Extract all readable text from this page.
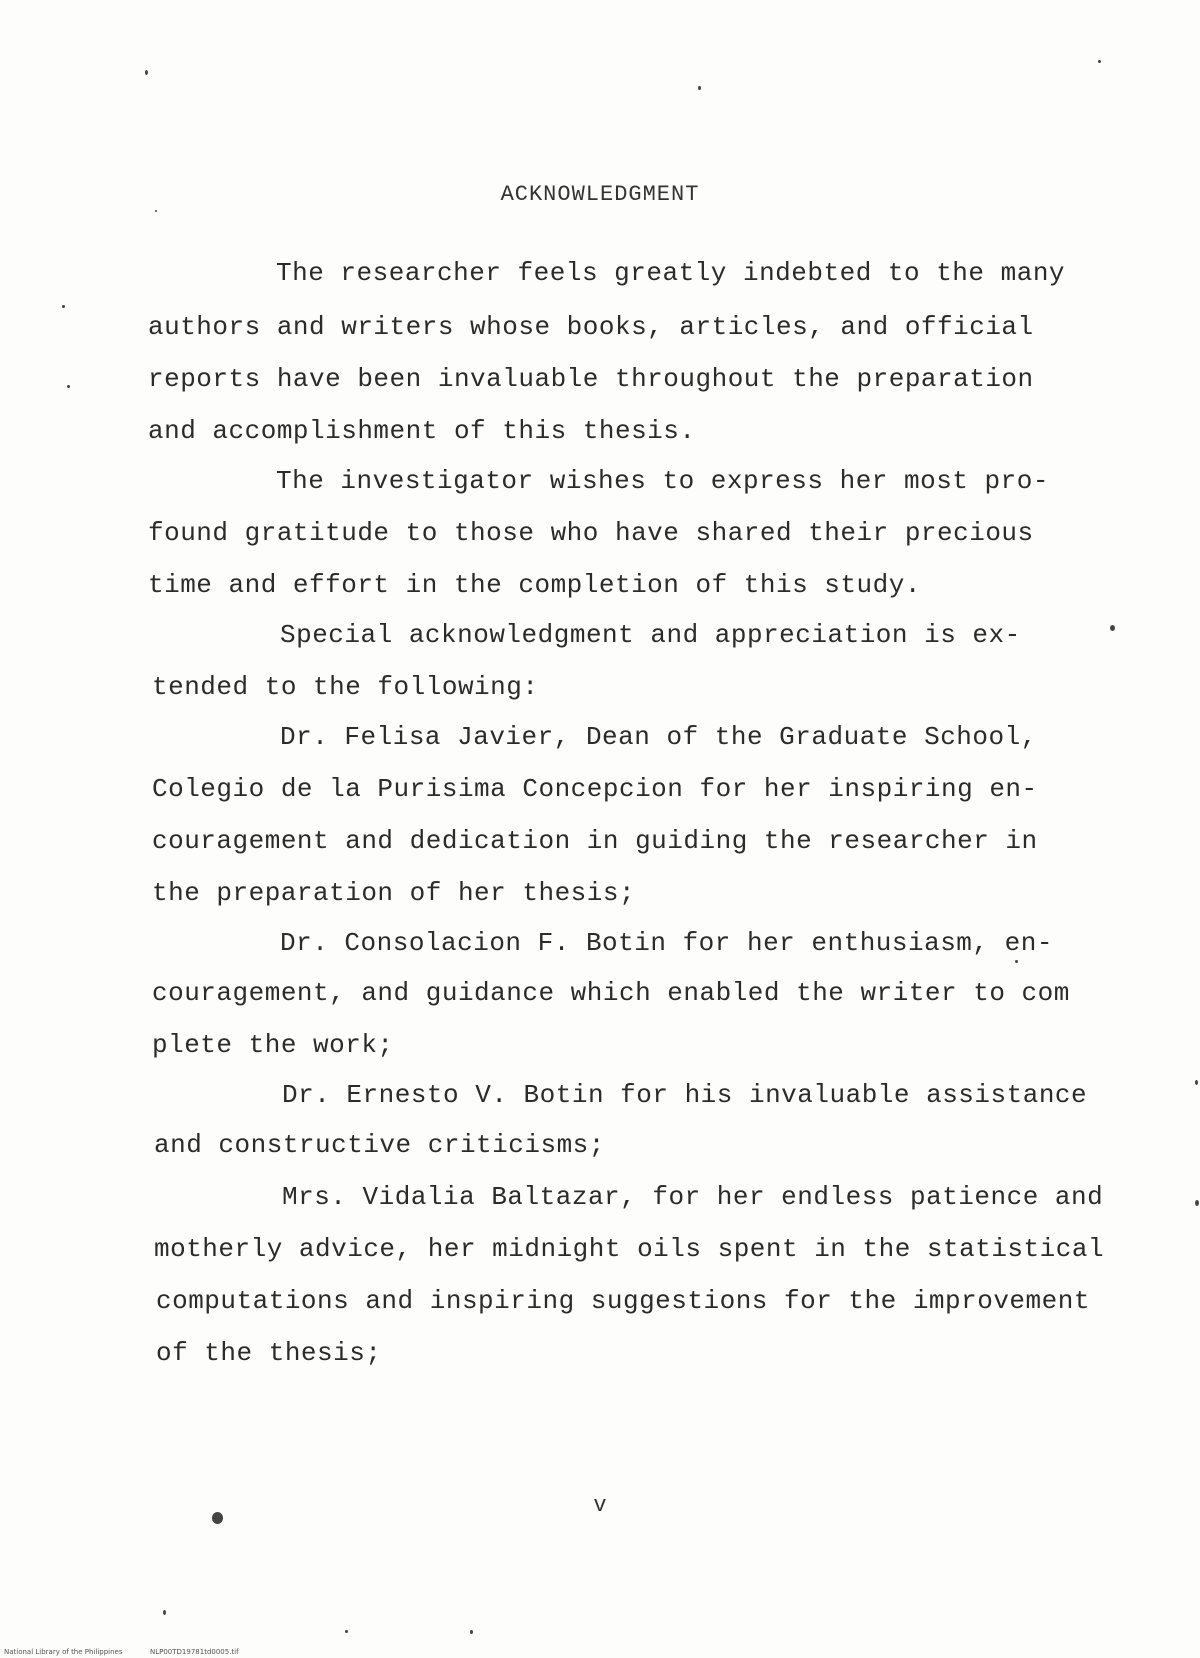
ACKNOWLEDGMENT
The researcher feels greatly indebted to the many
authors and writers whose books, articles, and official
reports have been invaluable throughout the preparation
and accomplishment of this thesis.
The investigator wishes to express her most pro-
found gratitude to those who have shared their precious
time and effort in the completion of this study.
Special acknowledgment and appreciation is ex-
tended to the following:
Dr. Felisa Javier, Dean of the Graduate School,
Colegio de la Purisima Concepcion for her inspiring en-
couragement and dedication in guiding the researcher in
the preparation of her thesis;
Dr. Consolacion F. Botin for her enthusiasm, en-
couragement, and guidance which enabled the writer to com
plete the work;
Dr. Ernesto V. Botin for his invaluable assistance
and constructive criticisms;
Mrs. Vidalia Baltazar, for her endless patience and
motherly advice, her midnight oils spent in the statistical
computations and inspiring suggestions for the improvement
of the thesis;
v
National Library of the Philippines	NLP00TD19781td0005.tif
